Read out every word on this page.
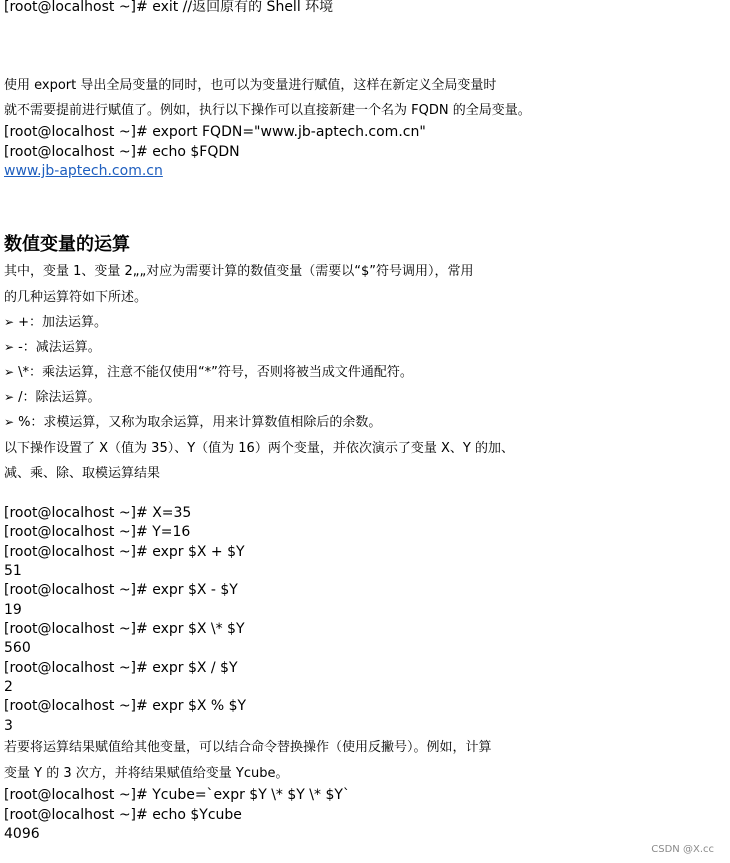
[root@localhost ~]# exit //返回原有的 Shell 环境
使用 export 导出全局变量的同时，也可以为变量进行赋值，这样在新定义全局变量时
就不需要提前进行赋值了。例如，执行以下操作可以直接新建一个名为 FQDN 的全局变量。
[root@localhost ~]# export FQDN="www.jb-aptech.com.cn"
[root@localhost ~]# echo $FQDN
www.jb-aptech.com.cn
数值变量的运算
其中，变量 1、变量 2„„对应为需要计算的数值变量（需要以“$”符号调用），常用
的几种运算符如下所述。
➢ +：加法运算。
➢ -：减法运算。
➢ \*：乘法运算，注意不能仅使用“*”符号，否则将被当成文件通配符。
➢ /：除法运算。
➢ %：求模运算，又称为取余运算，用来计算数值相除后的余数。
以下操作设置了 X（值为 35）、Y（值为 16）两个变量，并依次演示了变量 X、Y 的加、
减、乘、除、取模运算结果
[root@localhost ~]# X=35
[root@localhost ~]# Y=16
[root@localhost ~]# expr $X + $Y
51
[root@localhost ~]# expr $X - $Y
19
[root@localhost ~]# expr $X \* $Y
560
[root@localhost ~]# expr $X / $Y
2
[root@localhost ~]# expr $X % $Y
3
若要将运算结果赋值给其他变量，可以结合命令替换操作（使用反撇号）。例如，计算
变量 Y 的 3 次方，并将结果赋值给变量 Ycube。
[root@localhost ~]# Ycube=`expr $Y \* $Y \* $Y`
[root@localhost ~]# echo $Ycube
4096
CSDN @X.cc
